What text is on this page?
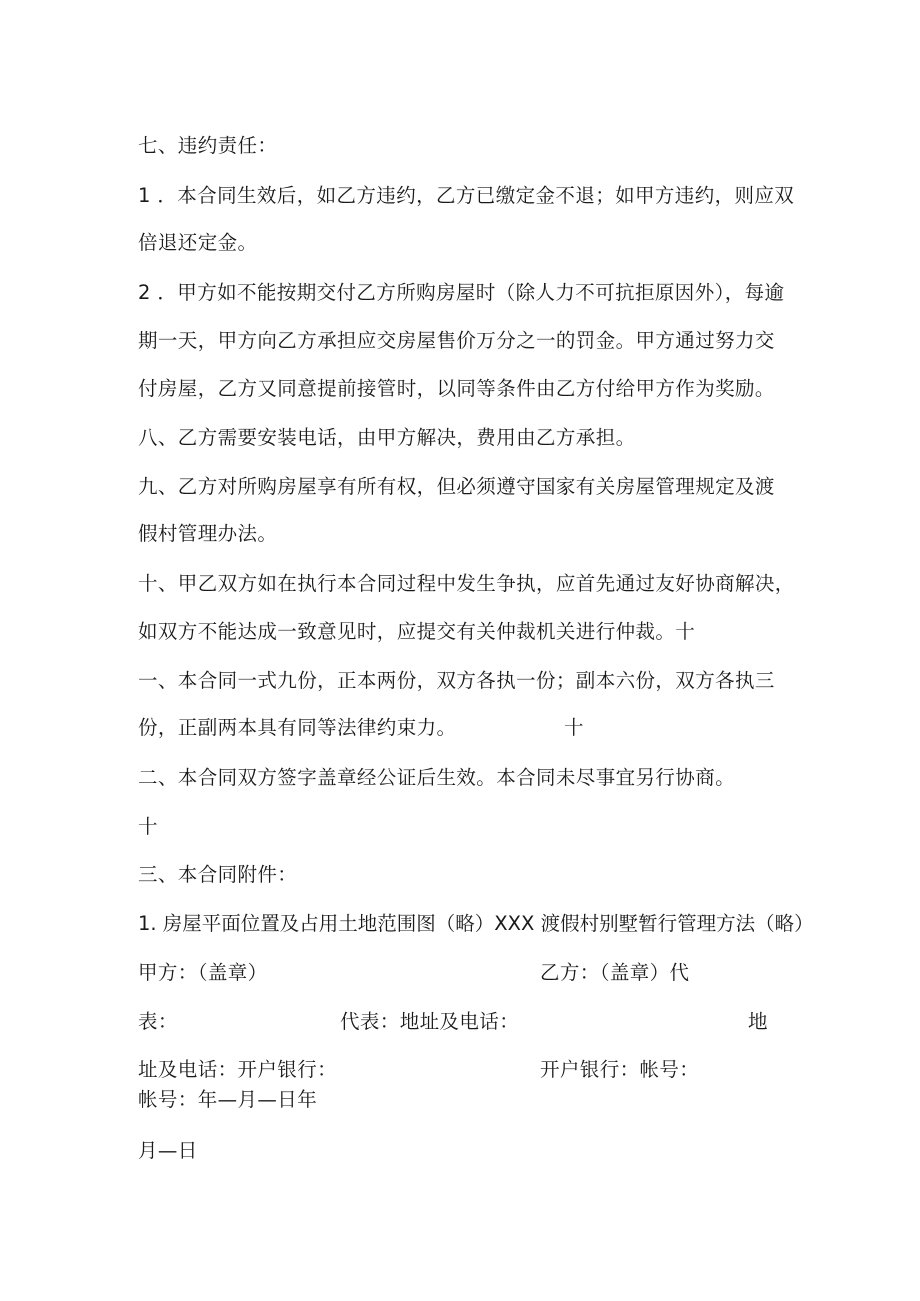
七、违约责任：
1 ．本合同生效后，如乙方违约，乙方已缴定金不退；如甲方违约，则应双
倍退还定金。
2 ．甲方如不能按期交付乙方所购房屋时（除人力不可抗拒原因外），每逾
期一天，甲方向乙方承担应交房屋售价万分之一的罚金。甲方通过努力交
付房屋，乙方又同意提前接管时，以同等条件由乙方付给甲方作为奖励。
八、乙方需要安装电话，由甲方解决，费用由乙方承担。
九、乙方对所购房屋享有所有权，但必须遵守国家有关房屋管理规定及渡
假村管理办法。
十、甲乙双方如在执行本合同过程中发生争执，应首先通过友好协商解决，
如双方不能达成一致意见时，应提交有关仲裁机关进行仲裁。十
一、本合同一式九份，正本两份，双方各执一份；副本六份，双方各执三
份，正副两本具有同等法律约束力。	十
二、本合同双方签字盖章经公证后生效。本合同未尽事宜另行协商。
十
三、本合同附件：
1. 房屋平面位置及占用土地范围图（略）XXX 渡假村别墅暂行管理方法（略）
甲方：（盖章）	乙方：（盖章）代
表：	代表：地址及电话：	地
址及电话：开户银行：	开户银行：帐号：
帐号：年—月—日年
月—日
